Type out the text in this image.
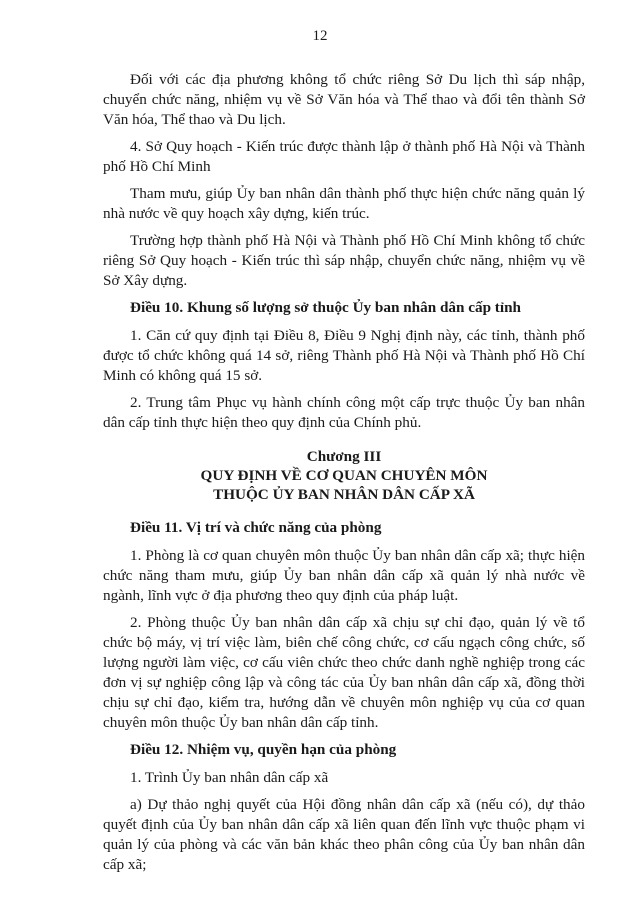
12

Đối với các địa phương không tổ chức riêng Sở Du lịch thì sáp nhập, chuyển chức năng, nhiệm vụ về Sở Văn hóa và Thể thao và đổi tên thành Sở Văn hóa, Thể thao và Du lịch.

4. Sở Quy hoạch - Kiến trúc được thành lập ở thành phố Hà Nội và Thành phố Hồ Chí Minh

Tham mưu, giúp Ủy ban nhân dân thành phố thực hiện chức năng quản lý nhà nước về quy hoạch xây dựng, kiến trúc.

Trường hợp thành phố Hà Nội và Thành phố Hồ Chí Minh không tổ chức riêng Sở Quy hoạch - Kiến trúc thì sáp nhập, chuyển chức năng, nhiệm vụ về Sở Xây dựng.

Điều 10. Khung số lượng sở thuộc Ủy ban nhân dân cấp tỉnh

1. Căn cứ quy định tại Điều 8, Điều 9 Nghị định này, các tỉnh, thành phố được tổ chức không quá 14 sở, riêng Thành phố Hà Nội và Thành phố Hồ Chí Minh có không quá 15 sở.

2. Trung tâm Phục vụ hành chính công một cấp trực thuộc Ủy ban nhân dân cấp tỉnh thực hiện theo quy định của Chính phủ.

Chương III
QUY ĐỊNH VỀ CƠ QUAN CHUYÊN MÔN
THUỘC ỦY BAN NHÂN DÂN CẤP XÃ

Điều 11. Vị trí và chức năng của phòng

1. Phòng là cơ quan chuyên môn thuộc Ủy ban nhân dân cấp xã; thực hiện chức năng tham mưu, giúp Ủy ban nhân dân cấp xã quản lý nhà nước về ngành, lĩnh vực ở địa phương theo quy định của pháp luật.

2. Phòng thuộc Ủy ban nhân dân cấp xã chịu sự chỉ đạo, quản lý về tổ chức bộ máy, vị trí việc làm, biên chế công chức, cơ cấu ngạch công chức, số lượng người làm việc, cơ cấu viên chức theo chức danh nghề nghiệp trong các đơn vị sự nghiệp công lập và công tác của Ủy ban nhân dân cấp xã, đồng thời chịu sự chỉ đạo, kiểm tra, hướng dẫn về chuyên môn nghiệp vụ của cơ quan chuyên môn thuộc Ủy ban nhân dân cấp tỉnh.

Điều 12. Nhiệm vụ, quyền hạn của phòng

1. Trình Ủy ban nhân dân cấp xã

a) Dự thảo nghị quyết của Hội đồng nhân dân cấp xã (nếu có), dự thảo quyết định của Ủy ban nhân dân cấp xã liên quan đến lĩnh vực thuộc phạm vi quản lý của phòng và các văn bản khác theo phân công của Ủy ban nhân dân cấp xã;
